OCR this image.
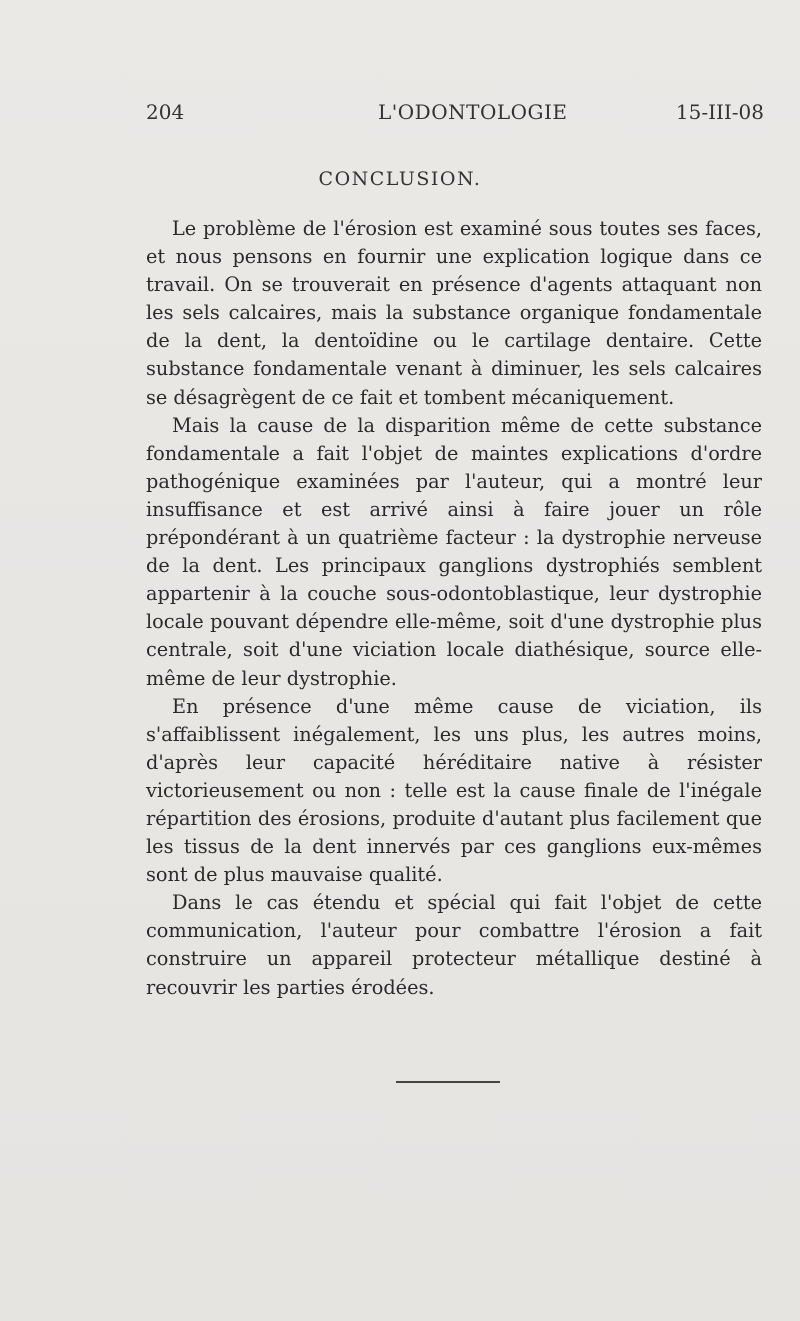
204	L'ODONTOLOGIE	15-III-08
CONCLUSION.

Le problème de l'érosion est examiné sous toutes ses faces, et nous pensons en fournir une explication logique dans ce travail. On se trouverait en présence d'agents attaquant non les sels calcaires, mais la substance organique fondamentale de la dent, la dentoïdine ou le cartilage dentaire. Cette substance fondamentale venant à diminuer, les sels calcaires se désagrègent de ce fait et tombent mécaniquement.

Mais la cause de la disparition même de cette substance fondamentale a fait l'objet de maintes explications d'ordre pathogénique examinées par l'auteur, qui a montré leur insuffisance et est arrivé ainsi à faire jouer un rôle prépondérant à un quatrième facteur : la dystrophie nerveuse de la dent. Les principaux ganglions dystrophiés semblent appartenir à la couche sous-odontoblastique, leur dystrophie locale pouvant dépendre elle-même, soit d'une dystrophie plus centrale, soit d'une viciation locale diathésique, source elle-même de leur dystrophie.

En présence d'une même cause de viciation, ils s'affaiblissent inégalement, les uns plus, les autres moins, d'après leur capacité héréditaire native à résister victorieusement ou non : telle est la cause finale de l'inégale répartition des érosions, produite d'autant plus facilement que les tissus de la dent innervés par ces ganglions eux-mêmes sont de plus mauvaise qualité.

Dans le cas étendu et spécial qui fait l'objet de cette communication, l'auteur pour combattre l'érosion a fait construire un appareil protecteur métallique destiné à recouvrir les parties érodées.
